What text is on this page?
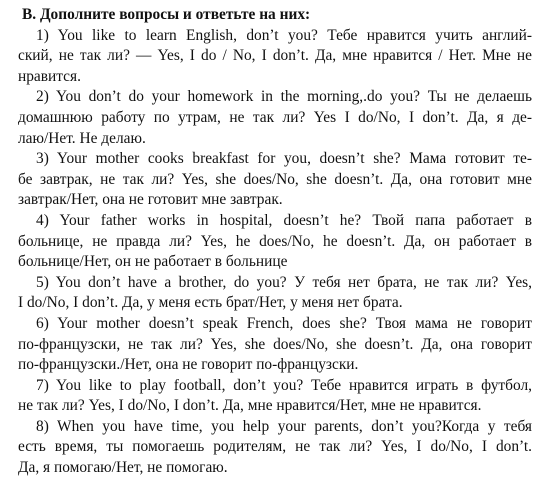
В. Дополните вопросы и ответьте на них:

1) You like to learn English, don’t you? Тебе нравится учить англий-
ский, не так ли? — Yes, I do / No, I don’t. Да, мне нравится / Нет. Мне не
нравится.

2) You don’t do your homework in the morning,.do you? Ты не делаешь
домашнюю работу по утрам, не так ли? Yes I do/No, I don’t. Да, я де-
лаю/Нет. Не делаю.

3) Your mother cooks breakfast for you, doesn’t she? Мама готовит те-
бе завтрак, не так ли? Yes, she does/No, she doesn’t. Да, она готовит мне
завтрак/Нет, она не готовит мне завтрак.

4) Your father works in hospital, doesn’t he? Твой папа работает в
больнице, не правда ли? Yes, he does/No, he doesn’t. Да, он работает в
больнице/Нет, он не работает в больнице

5) You don’t have a brother, do you? У тебя нет брата, не так ли? Yes,
I do/No, I don’t. Да, у меня есть брат/Нет, у меня нет брата.

6) Your mother doesn’t speak French, does she? Твоя мама не говорит
по-французски, не так ли? Yes, she does/No, she doesn’t. Да, она говорит
по-французски./Нет, она не говорит по-французски.

7) You like to play football, don’t you? Тебе нравится играть в футбол,
не так ли? Yes, I do/No, I don’t. Да, мне нравится/Нет, мне не нравится.

8) When you have time, you help your parents, don’t you?Когда у тебя
есть время, ты помогаешь родителям, не так ли? Yes, I do/No, I don’t.
Да, я помогаю/Нет, не помогаю.
